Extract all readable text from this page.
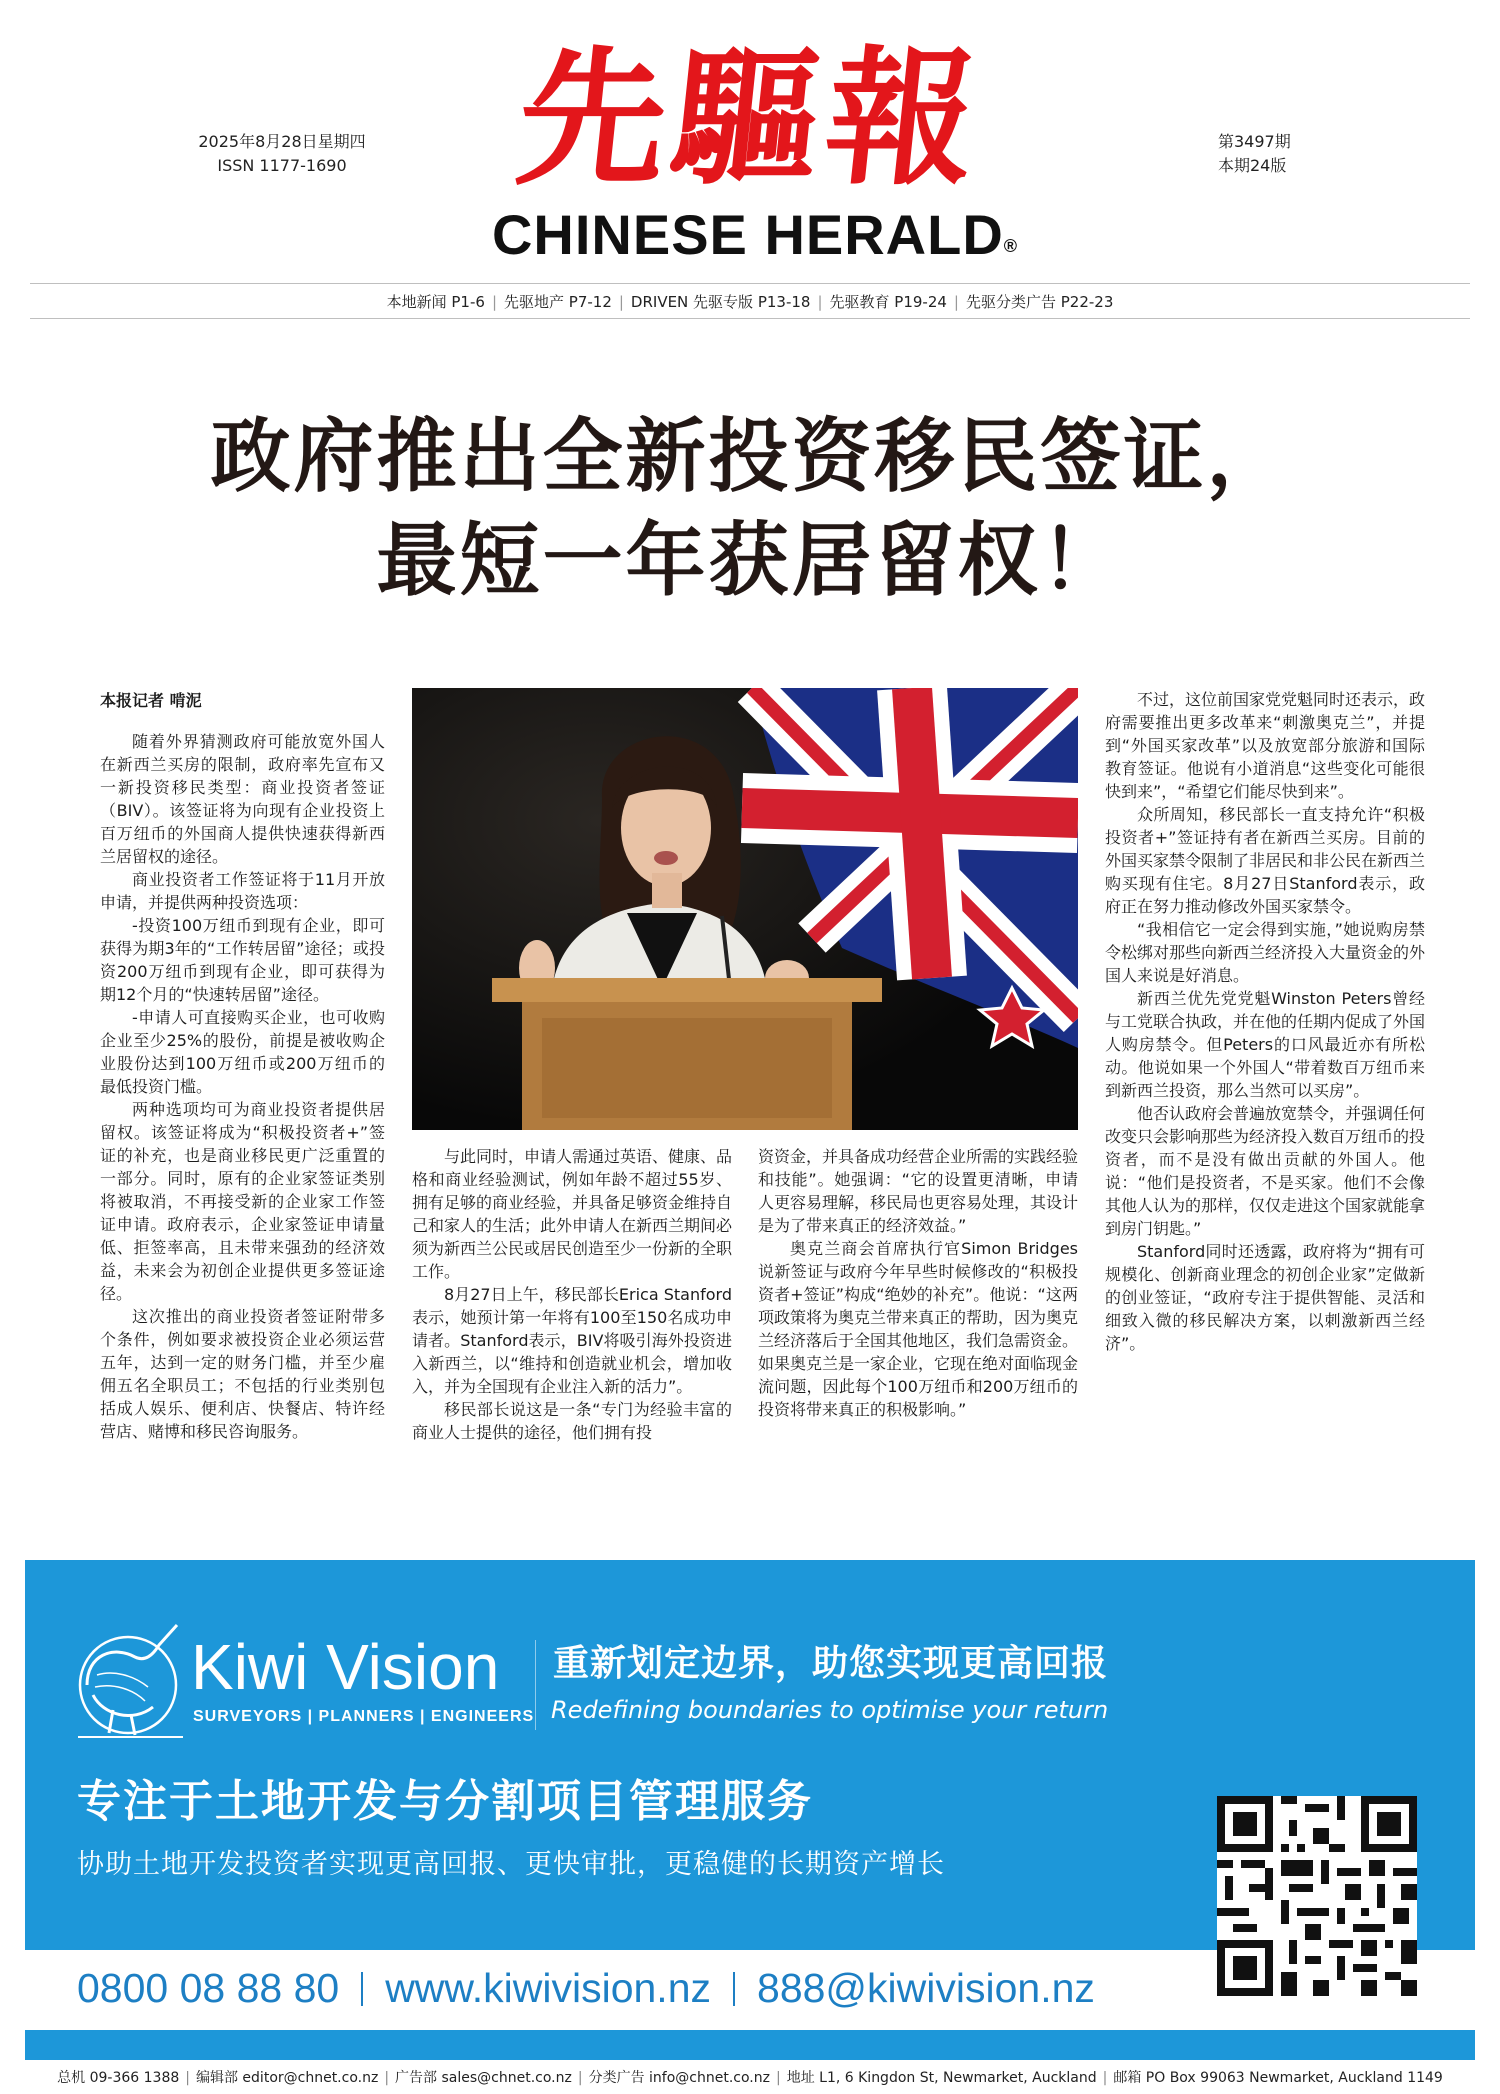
2025年8月28日星期四
ISSN 1177-1690	先驅報
CHINESE HERALD®
第3497期
本期24版
本地新闻 P1-6 | 先驱地产 P7-12 | DRIVEN 先驱专版 P13-18 | 先驱教育 P19-24 | 先驱分类广告 P22-23
政府推出全新投资移民签证，
最短一年获居留权！
本报记者 啃泥

随着外界猜测政府可能放宽外国人在新西兰买房的限制，政府率先宣布又一新投资移民类型：商业投资者签证（BIV）。该签证将为向现有企业投资上百万纽币的外国商人提供快速获得新西兰居留权的途径。

商业投资者工作签证将于11月开放申请，并提供两种投资选项：

-投资100万纽币到现有企业，即可获得为期3年的“工作转居留”途径；或投资200万纽币到现有企业，即可获得为期12个月的“快速转居留”途径。

-申请人可直接购买企业，也可收购企业至少25%的股份，前提是被收购企业股份达到100万纽币或200万纽币的最低投资门槛。

两种选项均可为商业投资者提供居留权。该签证将成为“积极投资者+”签证的补充，也是商业移民更广泛重置的一部分。同时，原有的企业家签证类别将被取消，不再接受新的企业家工作签证申请。政府表示，企业家签证申请量低、拒签率高，且未带来强劲的经济效益，未来会为初创企业提供更多签证途径。

这次推出的商业投资者签证附带多个条件，例如要求被投资企业必须运营五年，达到一定的财务门槛，并至少雇佣五名全职员工；不包括的行业类别包括成人娱乐、便利店、快餐店、特许经营店、赌博和移民咨询服务。

与此同时，申请人需通过英语、健康、品格和商业经验测试，例如年龄不超过55岁、拥有足够的商业经验，并具备足够资金维持自己和家人的生活；此外申请人在新西兰期间必须为新西兰公民或居民创造至少一份新的全职工作。

8月27日上午，移民部长Erica Stanford表示，她预计第一年将有100至150名成功申请者。Stanford表示，BIV将吸引海外投资进入新西兰，以“维持和创造就业机会，增加收入，并为全国现有企业注入新的活力”。

移民部长说这是一条“专门为经验丰富的商业人士提供的途径，他们拥有投

资资金，并具备成功经营企业所需的实践经验和技能”。她强调：“它的设置更清晰，申请人更容易理解，移民局也更容易处理，其设计是为了带来真正的经济效益。”

奥克兰商会首席执行官Simon Bridges说新签证与政府今年早些时候修改的“积极投资者+签证”构成“绝妙的补充”。他说：“这两项政策将为奥克兰带来真正的帮助，因为奥克兰经济落后于全国其他地区，我们急需资金。如果奥克兰是一家企业，它现在绝对面临现金流问题，因此每个100万纽币和200万纽币的投资将带来真正的积极影响。”

不过，这位前国家党党魁同时还表示，政府需要推出更多改革来“刺激奥克兰”，并提到“外国买家改革”以及放宽部分旅游和国际教育签证。他说有小道消息“这些变化可能很快到来”，“希望它们能尽快到来”。

众所周知，移民部长一直支持允许“积极投资者+”签证持有者在新西兰买房。目前的外国买家禁令限制了非居民和非公民在新西兰购买现有住宅。8月27日Stanford表示，政府正在努力推动修改外国买家禁令。

“我相信它一定会得到实施，”她说购房禁令松绑对那些向新西兰经济投入大量资金的外国人来说是好消息。

新西兰优先党党魁Winston Peters曾经与工党联合执政，并在他的任期内促成了外国人购房禁令。但Peters的口风最近亦有所松动。他说如果一个外国人“带着数百万纽币来到新西兰投资，那么当然可以买房”。

他否认政府会普遍放宽禁令，并强调任何改变只会影响那些为经济投入数百万纽币的投资者，而不是没有做出贡献的外国人。他说：“他们是投资者，不是买家。他们不会像其他人认为的那样，仅仅走进这个国家就能拿到房门钥匙。”

Stanford同时还透露，政府将为“拥有可规模化、创新商业理念的初创企业家”定做新的创业签证，“政府专注于提供智能、灵活和细致入微的移民解决方案，以刺激新西兰经济”。

Kiwi Vision
SURVEYORS | PLANNERS | ENGINEERS
重新划定边界，助您实现更高回报
Redefining boundaries to optimise your return
专注于土地开发与分割项目管理服务
协助土地开发投资者实现更高回报、更快审批，更稳健的长期资产增长
0800 08 88 80 www.kiwivision.nz 888@kiwivision.nz
总机 09-366 1388 | 编辑部 editor@chnet.co.nz | 广告部 sales@chnet.co.nz | 分类广告 info@chnet.co.nz | 地址 L1, 6 Kingdon St, Newmarket, Auckland | 邮箱 PO Box 99063 Newmarket, Auckland 1149
